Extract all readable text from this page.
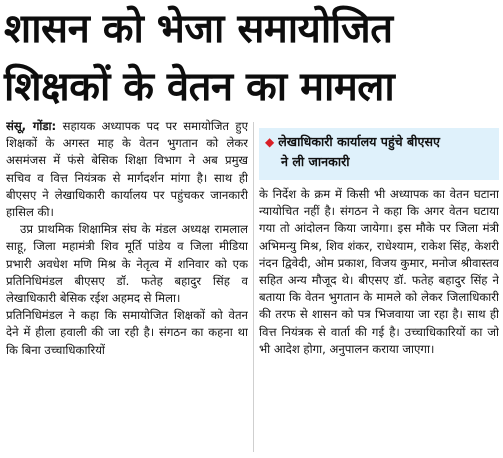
शासन को भेजा समायोजित
शिक्षकों के वेतन का मामला

संसू, गोंडा: सहायक अध्यापक पद पर समायोजित हुए शिक्षकों के अगस्त माह के वेतन भुगतान को लेकर असमंजस में फंसे बेसिक शिक्षा विभाग ने अब प्रमुख सचिव व वित्त नियंत्रक से मार्गदर्शन मांगा है। साथ ही बीएसए ने लेखाधिकारी कार्यालय पर पहुंचकर जानकारी हासिल की।

उप्र प्राथमिक शिक्षामित्र संघ के मंडल अध्यक्ष रामलाल साहू, जिला महामंत्री शिव मूर्ति पांडेय व जिला मीडिया प्रभारी अवधेश मणि मिश्र के नेतृत्व में शनिवार को एक प्रतिनिधिमंडल बीएसए डॉ. फतेह बहादुर सिंह व लेखाधिकारी बेसिक रईश अहमद से मिला।

प्रतिनिधिमंडल ने कहा कि समायोजित शिक्षकों को वेतन देने में हीला हवाली की जा रही है। संगठन का कहना था कि बिना उच्चाधिकारियों

◆ लेखाधिकारी कार्यालय पहुंचे बीएसए
ने ली जानकारी

के निर्देश के क्रम में किसी भी अध्यापक का वेतन घटाना न्यायोचित नहीं है। संगठन ने कहा कि अगर वेतन घटाया गया तो आंदोलन किया जायेगा। इस मौके पर जिला मंत्री अभिमन्यु मिश्र, शिव शंकर, राधेश्याम, राकेश सिंह, केशरी नंदन द्विवेदी, ओम प्रकाश, विजय कुमार, मनोज श्रीवास्तव सहित अन्य मौजूद थे। बीएसए डॉ. फतेह बहादुर सिंह ने बताया कि वेतन भुगतान के मामले को लेकर जिलाधिकारी की तरफ से शासन को पत्र भिजवाया जा रहा है। साथ ही वित्त नियंत्रक से वार्ता की गई है। उच्चाधिकारियों का जो भी आदेश होगा, अनुपालन कराया जाएगा।
